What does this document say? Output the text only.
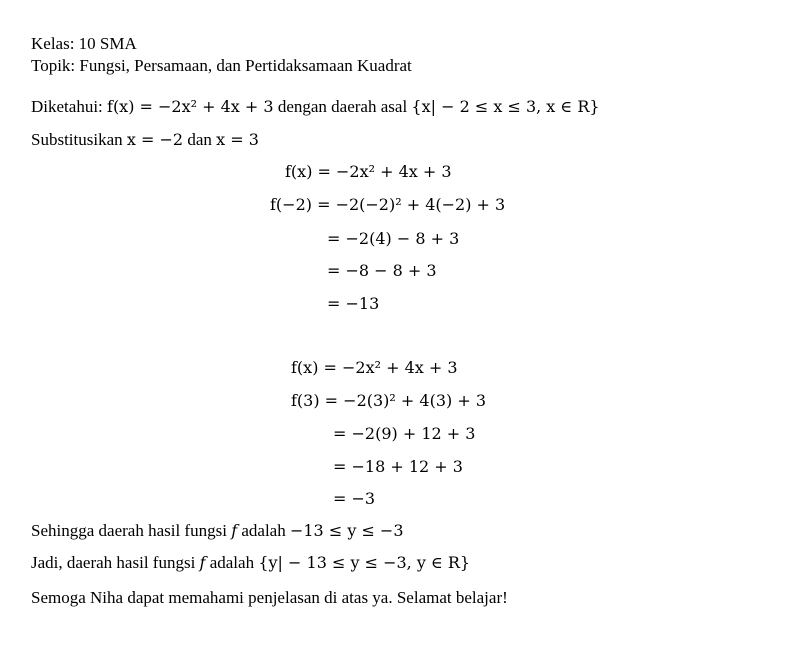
Kelas: 10 SMA
Topik: Fungsi, Persamaan, dan Pertidaksamaan Kuadrat
Diketahui: f(x) = −2x² + 4x + 3 dengan daerah asal {x| − 2 ≤ x ≤ 3, x ∈ R}
Substitusikan x = −2 dan x = 3
f(x) = −2x² + 4x + 3
f(−2) = −2(−2)² + 4(−2) + 3
= −2(4) − 8 + 3
= −8 − 8 + 3
= −13
f(x) = −2x² + 4x + 3
f(3) = −2(3)² + 4(3) + 3
= −2(9) + 12 + 3
= −18 + 12 + 3
= −3
Sehingga daerah hasil fungsi f adalah −13 ≤ y ≤ −3
Jadi, daerah hasil fungsi f adalah {y| − 13 ≤ y ≤ −3, y ∈ R}
Semoga Niha dapat memahami penjelasan di atas ya. Selamat belajar!
